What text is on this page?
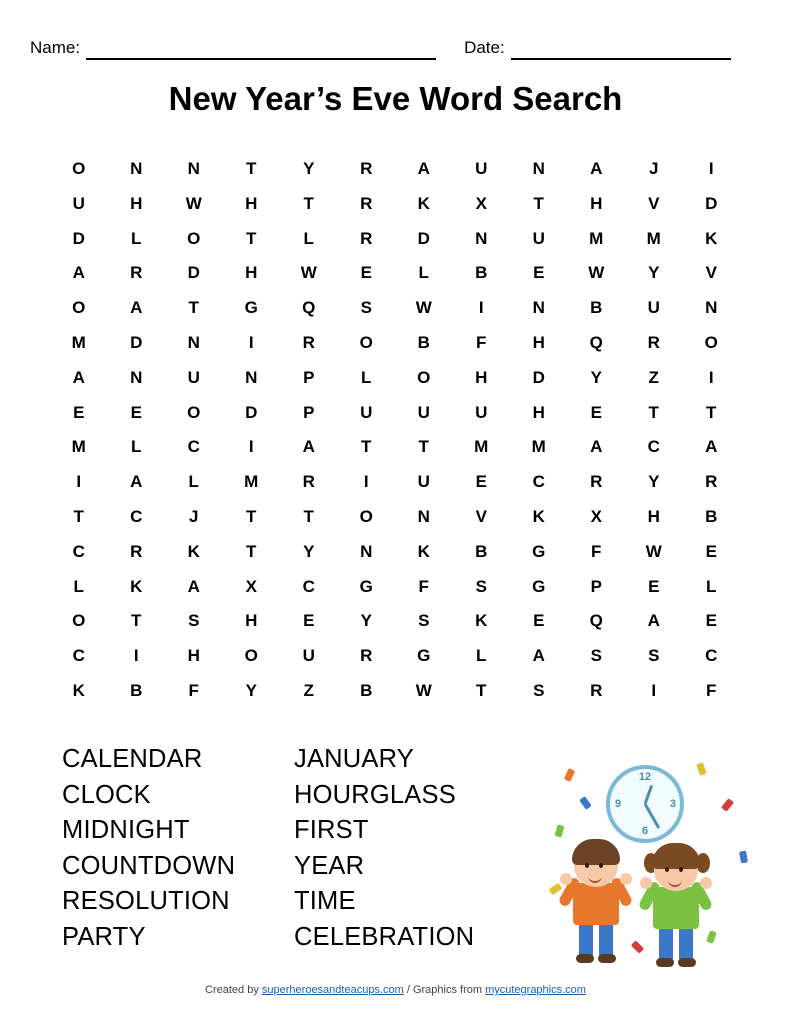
Name:	Date:
New Year’s Eve Word Search
O	N	N	T	Y	R	A	U	N	A	J	I
U	H	W	H	T	R	K	X	T	H	V	D
D	L	O	T	L	R	D	N	U	M	M	K
A	R	D	H	W	E	L	B	E	W	Y	V
O	A	T	G	Q	S	W	I	N	B	U	N
M	D	N	I	R	O	B	F	H	Q	R	O
A	N	U	N	P	L	O	H	D	Y	Z	I
E	E	O	D	P	U	U	U	H	E	T	T
M	L	C	I	A	T	T	M	M	A	C	A
I	A	L	M	R	I	U	E	C	R	Y	R
T	C	J	T	T	O	N	V	K	X	H	B
C	R	K	T	Y	N	K	B	G	F	W	E
L	K	A	X	C	G	F	S	G	P	E	L
O	T	S	H	E	Y	S	K	E	Q	A	E
C	I	H	O	U	R	G	L	A	S	S	C
K	B	F	Y	Z	B	W	T	S	R	I	F
CALENDAR
CLOCK
MIDNIGHT
COUNTDOWN
RESOLUTION
PARTY
JANUARY
HOURGLASS
FIRST
YEAR
TIME
CELEBRATION
12
3
6
9
Created by superheroesandteacups.com / Graphics from mycutegraphics.com
